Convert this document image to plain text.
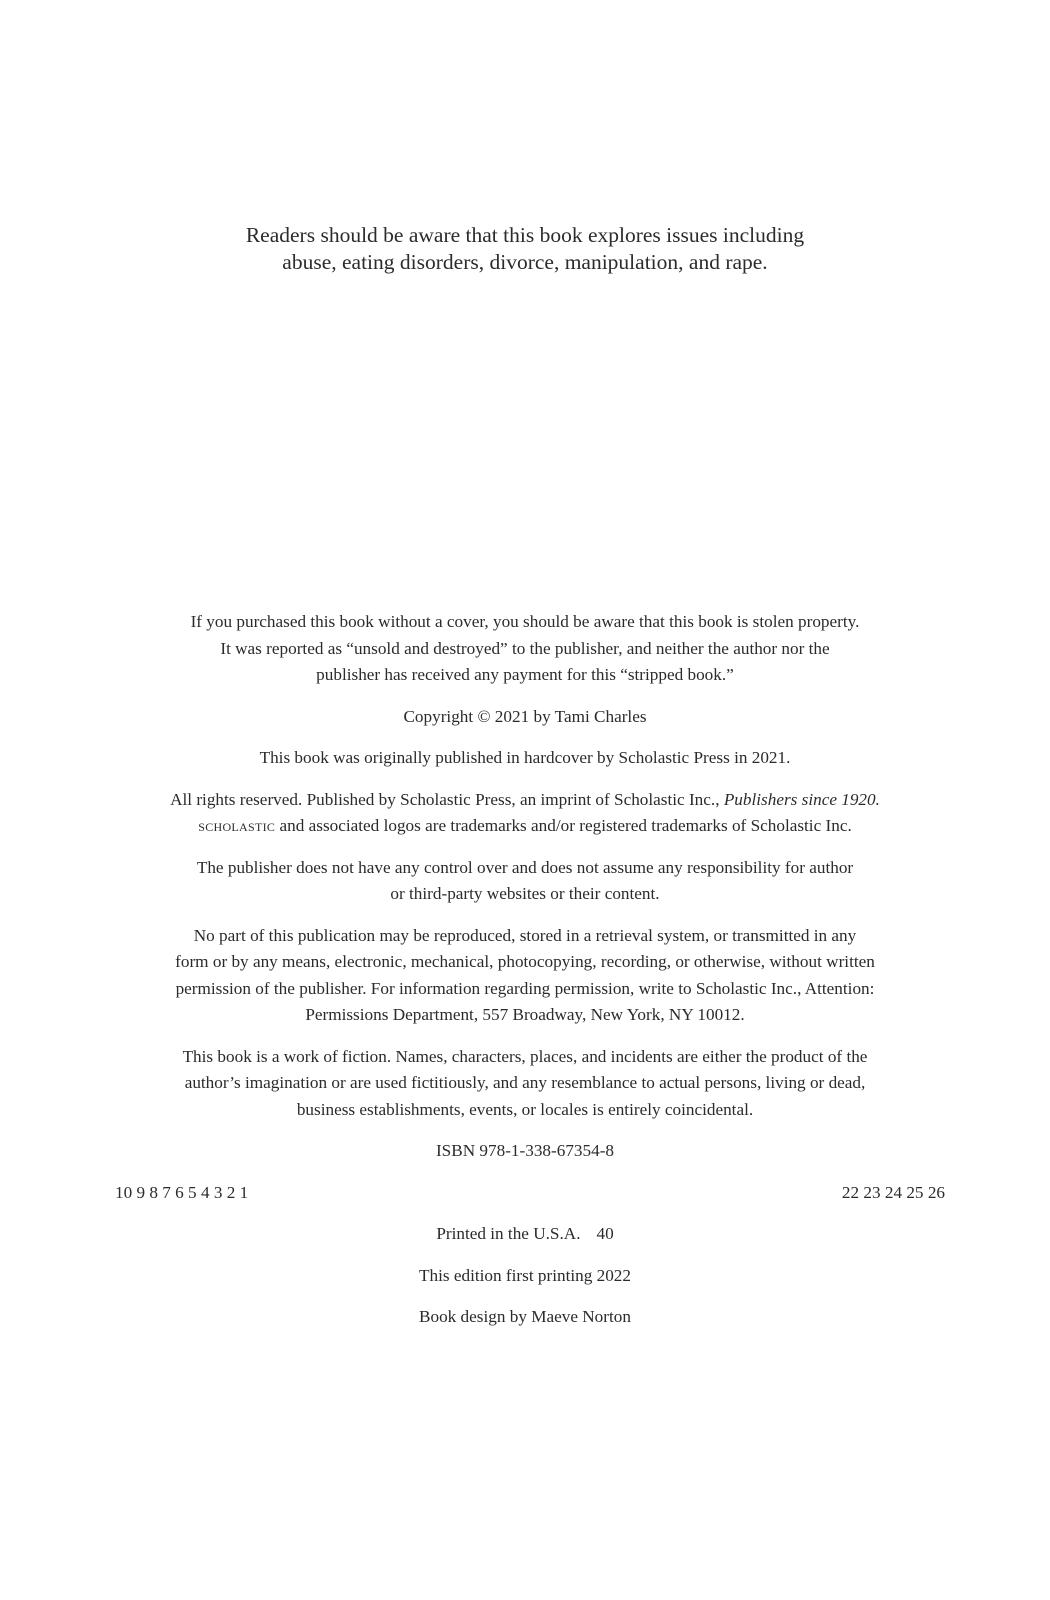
Readers should be aware that this book explores issues including
abuse, eating disorders, divorce, manipulation, and rape.

If you purchased this book without a cover, you should be aware that this book is stolen property.
It was reported as “unsold and destroyed” to the publisher, and neither the author nor the
publisher has received any payment for this “stripped book.”

Copyright © 2021 by Tami Charles

This book was originally published in hardcover by Scholastic Press in 2021.

All rights reserved. Published by Scholastic Press, an imprint of Scholastic Inc., Publishers since 1920.
scholastic and associated logos are trademarks and/or registered trademarks of Scholastic Inc.

The publisher does not have any control over and does not assume any responsibility for author
or third-party websites or their content.

No part of this publication may be reproduced, stored in a retrieval system, or transmitted in any
form or by any means, electronic, mechanical, photocopying, recording, or otherwise, without written
permission of the publisher. For information regarding permission, write to Scholastic Inc., Attention:
Permissions Department, 557 Broadway, New York, NY 10012.

This book is a work of fiction. Names, characters, places, and incidents are either the product of the
author’s imagination or are used fictitiously, and any resemblance to actual persons, living or dead,
business establishments, events, or locales is entirely coincidental.

ISBN 978-1-338-67354-8

10 9 8 7 6 5 4 3 2 1	22 23 24 25 26

Printed in the U.S.A. 40

This edition first printing 2022

Book design by Maeve Norton
